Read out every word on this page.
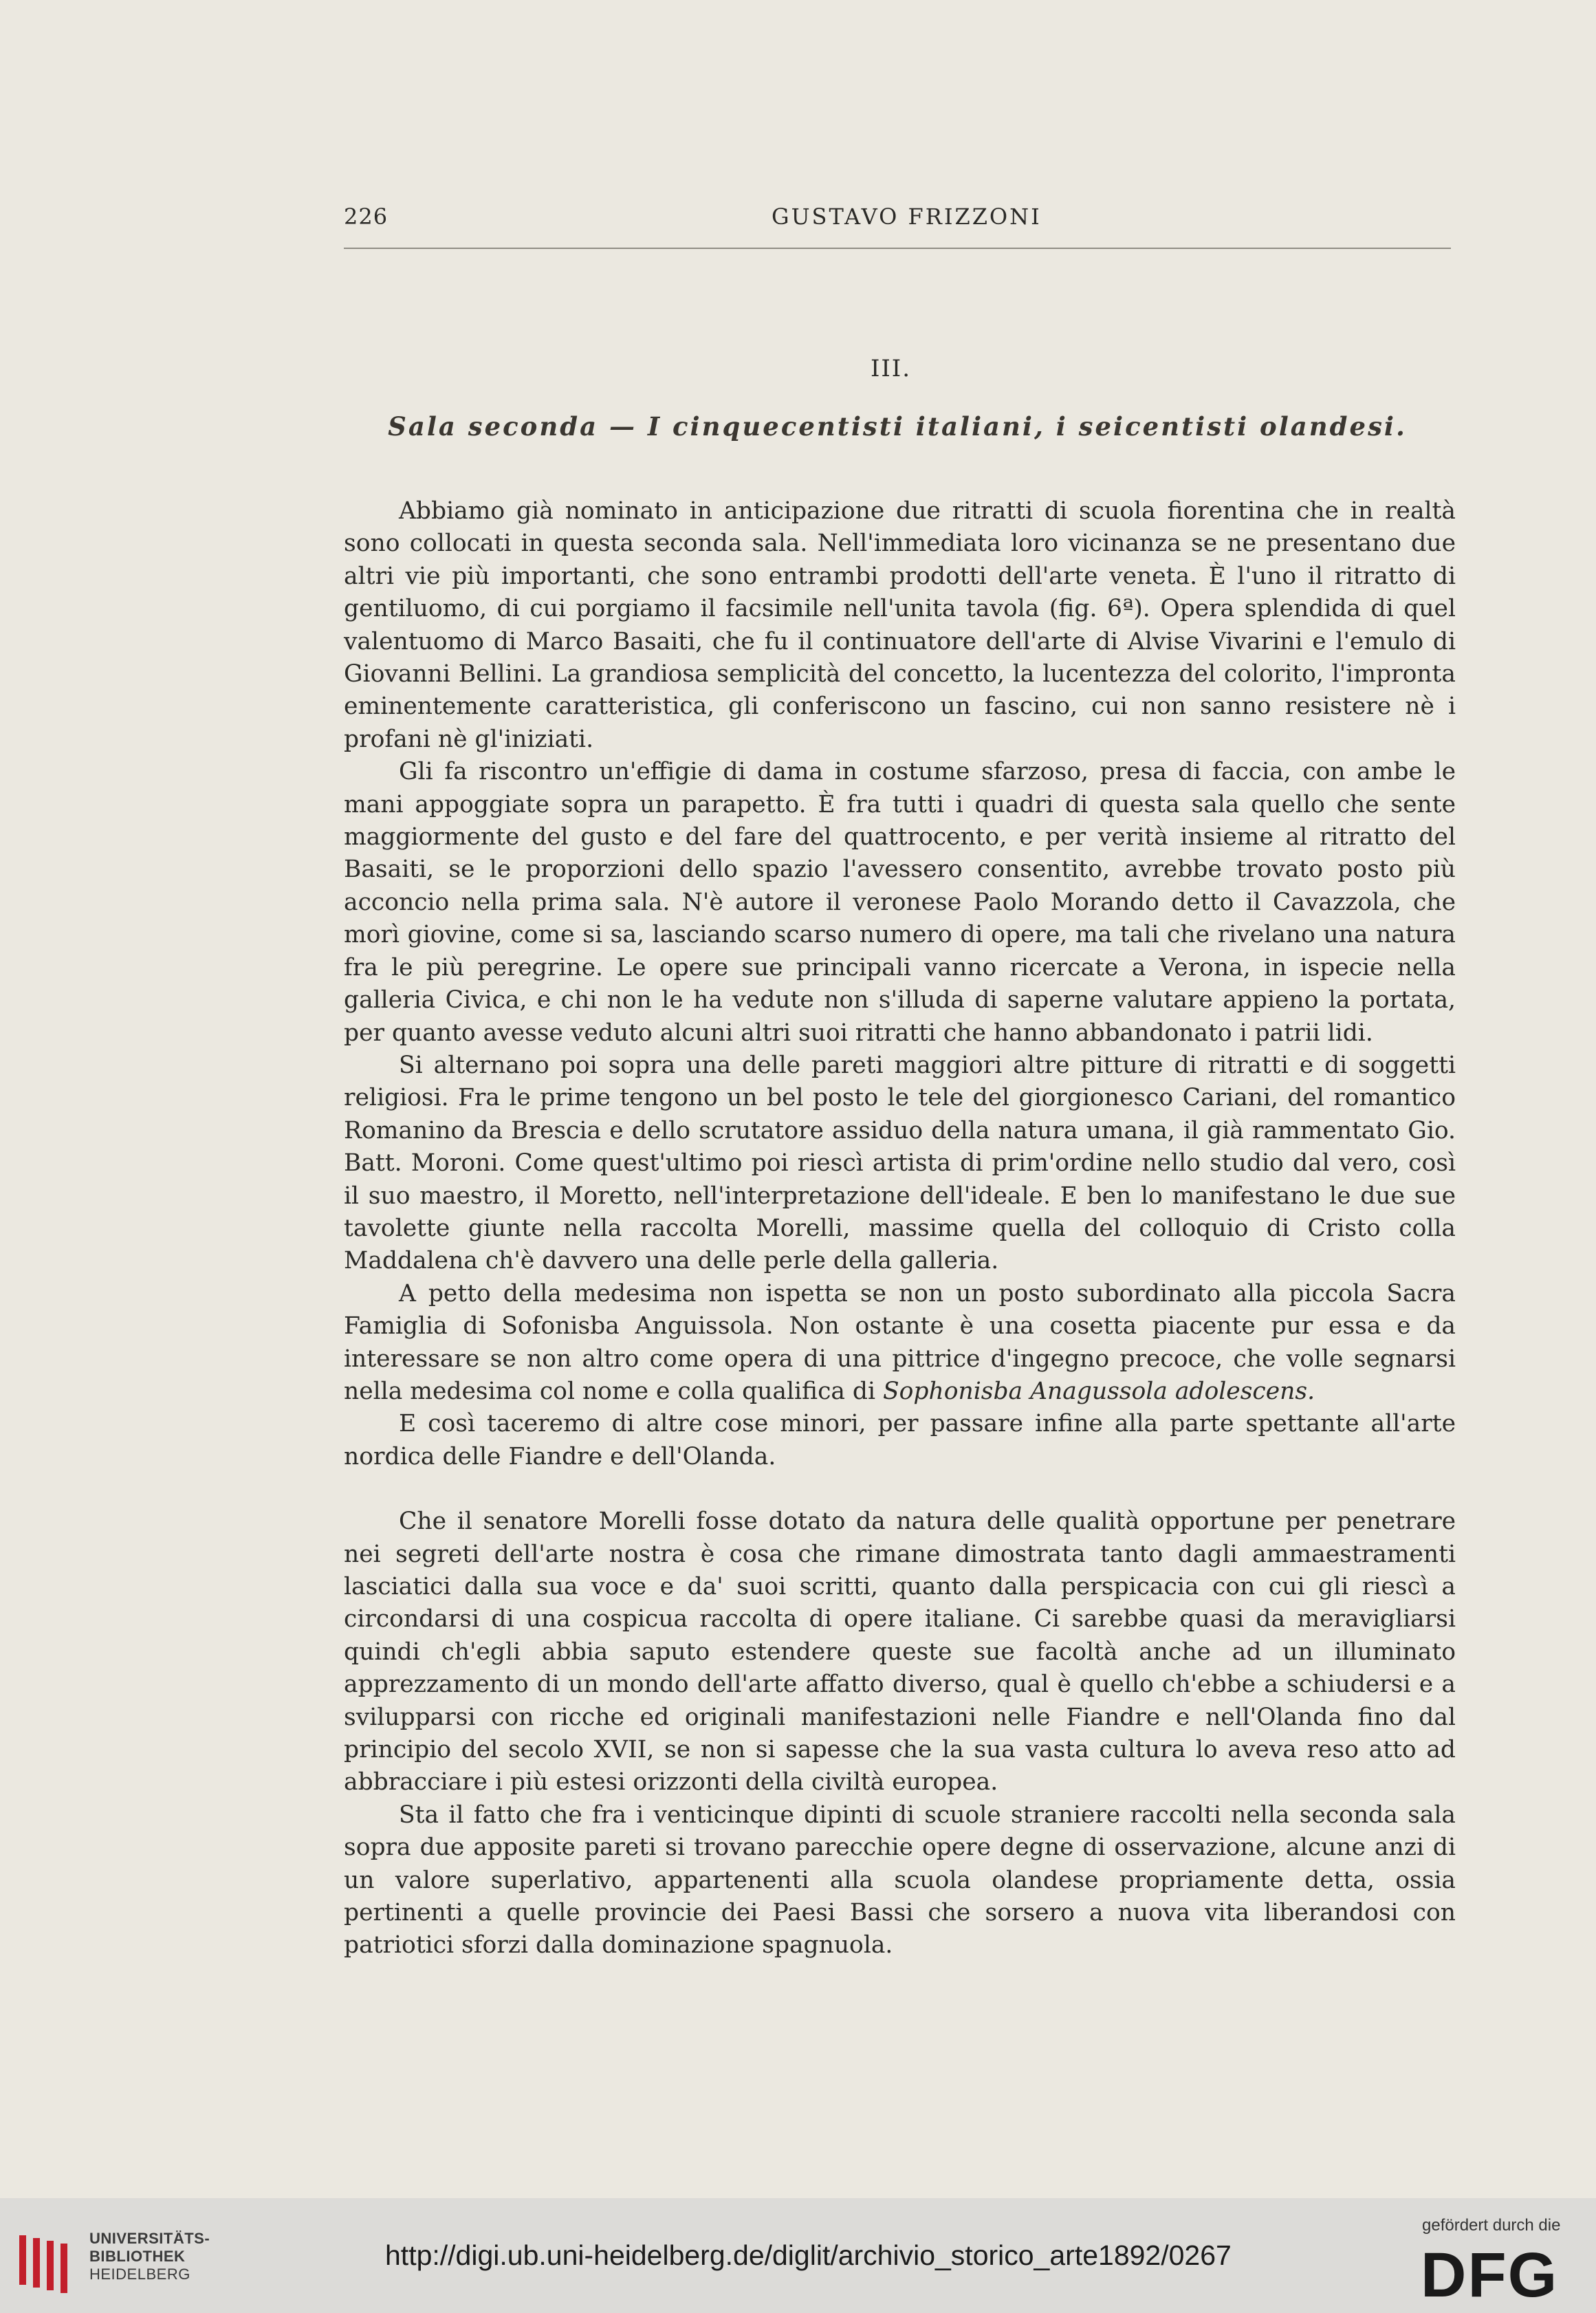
226	GUSTAVO FRIZZONI
III.
Sala seconda — I cinquecentisti italiani, i seicentisti olandesi.

Abbiamo già nominato in anticipazione due ritratti di scuola fiorentina che in realtà sono collocati in questa seconda sala. Nell'immediata loro vicinanza se ne presentano due altri vie più importanti, che sono entrambi prodotti dell'arte veneta. È l'uno il ritratto di gentiluomo, di cui porgiamo il facsimile nell'unita tavola (fig. 6ª). Opera splendida di quel valentuomo di Marco Basaiti, che fu il continuatore dell'arte di Alvise Vivarini e l'emulo di Giovanni Bellini. La grandiosa semplicità del concetto, la lucentezza del colorito, l'impronta eminentemente caratteristica, gli conferiscono un fascino, cui non sanno resistere nè i profani nè gl'iniziati.

Gli fa riscontro un'effigie di dama in costume sfarzoso, presa di faccia, con ambe le mani appoggiate sopra un parapetto. È fra tutti i quadri di questa sala quello che sente maggiormente del gusto e del fare del quattrocento, e per verità insieme al ritratto del Basaiti, se le proporzioni dello spazio l'avessero consentito, avrebbe trovato posto più acconcio nella prima sala. N'è autore il veronese Paolo Morando detto il Cavazzola, che morì giovine, come si sa, lasciando scarso numero di opere, ma tali che rivelano una natura fra le più peregrine. Le opere sue principali vanno ricercate a Verona, in ispecie nella galleria Civica, e chi non le ha vedute non s'illuda di saperne valutare appieno la portata, per quanto avesse veduto alcuni altri suoi ritratti che hanno abbandonato i patrii lidi.

Si alternano poi sopra una delle pareti maggiori altre pitture di ritratti e di soggetti religiosi. Fra le prime tengono un bel posto le tele del giorgionesco Cariani, del romantico Romanino da Brescia e dello scrutatore assiduo della natura umana, il già rammentato Gio. Batt. Moroni. Come quest'ultimo poi riescì artista di prim'ordine nello studio dal vero, così il suo maestro, il Moretto, nell'interpretazione dell'ideale. E ben lo manifestano le due sue tavolette giunte nella raccolta Morelli, massime quella del colloquio di Cristo colla Maddalena ch'è davvero una delle perle della galleria.

A petto della medesima non ispetta se non un posto subordinato alla piccola Sacra Famiglia di Sofonisba Anguissola. Non ostante è una cosetta piacente pur essa e da interessare se non altro come opera di una pittrice d'ingegno precoce, che volle segnarsi nella medesima col nome e colla qualifica di Sophonisba Anagussola adolescens.

E così taceremo di altre cose minori, per passare infine alla parte spettante all'arte nordica delle Fiandre e dell'Olanda.

Che il senatore Morelli fosse dotato da natura delle qualità opportune per penetrare nei segreti dell'arte nostra è cosa che rimane dimostrata tanto dagli ammaestramenti lasciatici dalla sua voce e da' suoi scritti, quanto dalla perspicacia con cui gli riescì a circondarsi di una cospicua raccolta di opere italiane. Ci sarebbe quasi da meravigliarsi quindi ch'egli abbia saputo estendere queste sue facoltà anche ad un illuminato apprezzamento di un mondo dell'arte affatto diverso, qual è quello ch'ebbe a schiudersi e a svilupparsi con ricche ed originali manifestazioni nelle Fiandre e nell'Olanda fino dal principio del secolo XVII, se non si sapesse che la sua vasta cultura lo aveva reso atto ad abbracciare i più estesi orizzonti della civiltà europea.

Sta il fatto che fra i venticinque dipinti di scuole straniere raccolti nella seconda sala sopra due apposite pareti si trovano parecchie opere degne di osservazione, alcune anzi di un valore superlativo, appartenenti alla scuola olandese propriamente detta, ossia pertinenti a quelle provincie dei Paesi Bassi che sorsero a nuova vita liberandosi con patriotici sforzi dalla dominazione spagnuola.

UNIVERSITÄTS-
BIBLIOTHEK
HEIDELBERG
http://digi.ub.uni-heidelberg.de/diglit/archivio_storico_arte1892/0267
gefördert durch die
DFG
